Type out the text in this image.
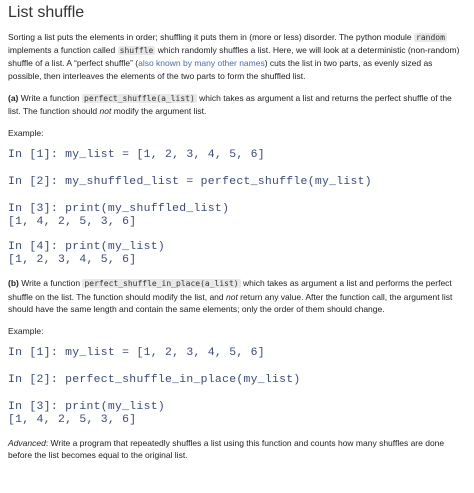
List shuffle

Sorting a list puts the elements in order; shuffling it puts them in (more or less) disorder. The python module random implements a function called shuffle which randomly shuffles a list. Here, we will look at a deterministic (non-random) shuffle of a list. A “perfect shuffle” (also known by many other names) cuts the list in two parts, as evenly sized as possible, then interleaves the elements of the two parts to form the shuffled list.

(a) Write a function perfect_shuffle(a_list) which takes as argument a list and returns the perfect shuffle of the list. The function should not modify the argument list.

Example:

In [1]: my_list = [1, 2, 3, 4, 5, 6]
In [2]: my_shuffled_list = perfect_shuffle(my_list)
In [3]: print(my_shuffled_list)
[1, 4, 2, 5, 3, 6]
In [4]: print(my_list)
[1, 2, 3, 4, 5, 6]

(b) Write a function perfect_shuffle_in_place(a_list) which takes as argument a list and performs the perfect shuffle on the list. The function should modify the list, and not return any value. After the function call, the argument list should have the same length and contain the same elements; only the order of them should change.

Example:

In [1]: my_list = [1, 2, 3, 4, 5, 6]
In [2]: perfect_shuffle_in_place(my_list)
In [3]: print(my_list)
[1, 4, 2, 5, 3, 6]

Advanced: Write a program that repeatedly shuffles a list using this function and counts how many shuffles are done before the list becomes equal to the original list.
